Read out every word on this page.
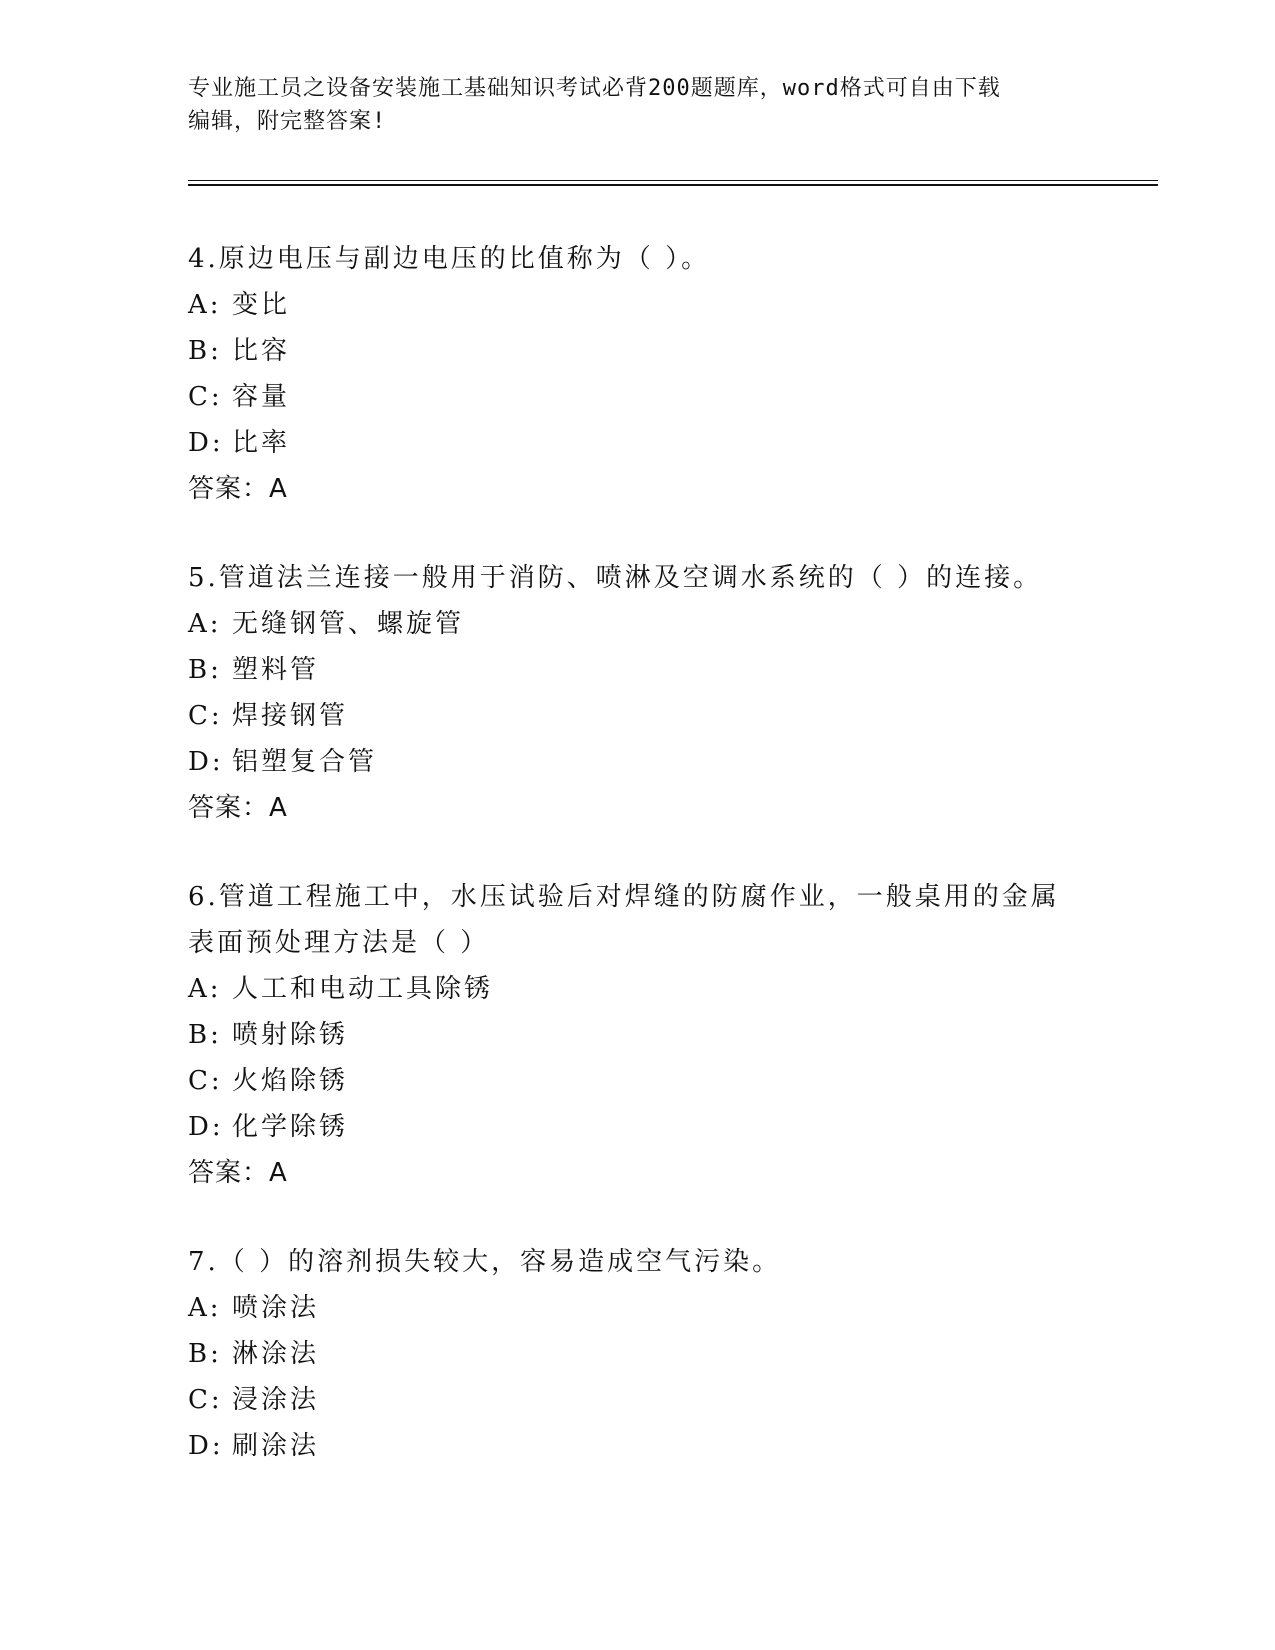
专业施工员之设备安装施工基础知识考试必背200题题库，word格式可自由下载
编辑，附完整答案!

4.原边电压与副边电压的比值称为（ ）。

A: 变比

B: 比容

C: 容量

D: 比率

答案：A

5.管道法兰连接一般用于消防、喷淋及空调水系统的（ ）的连接。

A: 无缝钢管、螺旋管

B: 塑料管

C: 焊接钢管

D: 铝塑复合管

答案：A

6.管道工程施工中，水压试验后对焊缝的防腐作业，一般桌用的金属表面预处理方法是（ ）

A: 人工和电动工具除锈

B: 喷射除锈

C: 火焰除锈

D: 化学除锈

答案：A

7.（ ）的溶剂损失较大，容易造成空气污染。

A: 喷涂法

B: 淋涂法

C: 浸涂法

D: 刷涂法
